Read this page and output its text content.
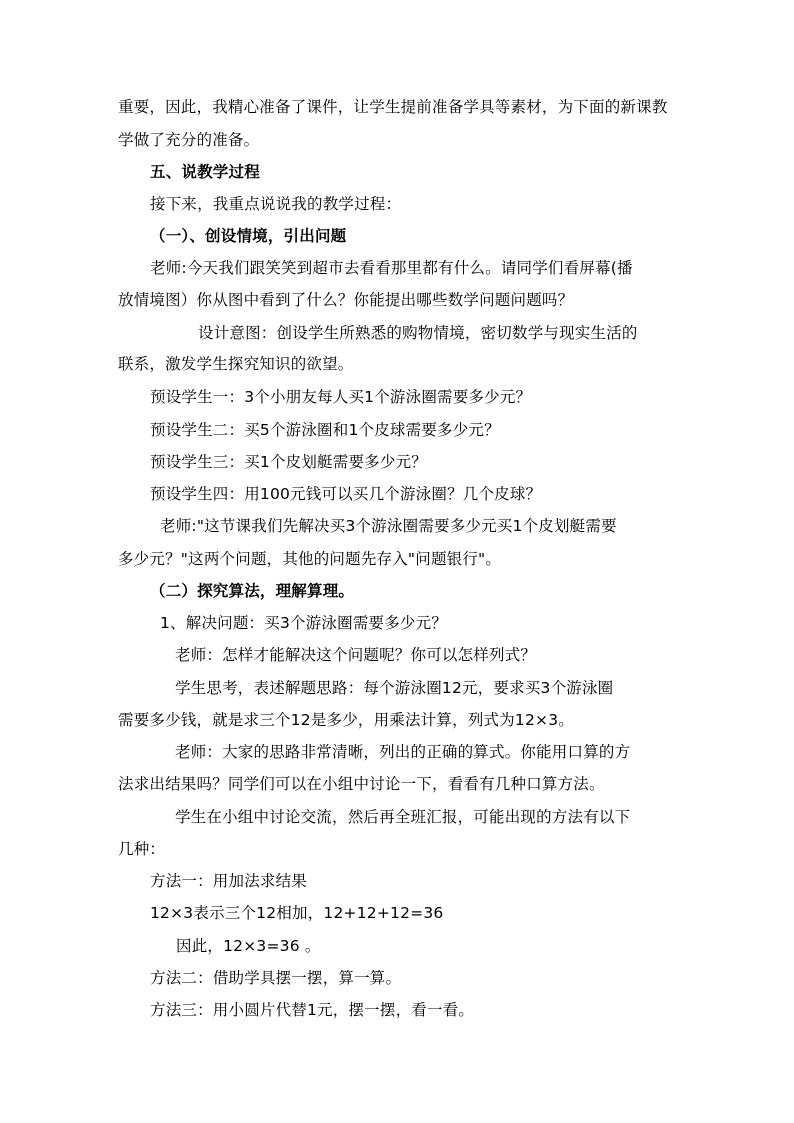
重要，因此，我精心准备了课件，让学生提前准备学具等素材，为下面的新课教
学做了充分的准备。
五、说教学过程
接下来，我重点说说我的教学过程：
（一）、创设情境，引出问题
老师:今天我们跟笑笑到超市去看看那里都有什么。请同学们看屏幕(播
放情境图）你从图中看到了什么？你能提出哪些数学问题问题吗？
设计意图：创设学生所熟悉的购物情境，密切数学与现实生活的
联系，激发学生探究知识的欲望。
预设学生一：3个小朋友每人买1个游泳圈需要多少元？
预设学生二：买5个游泳圈和1个皮球需要多少元？
预设学生三：买1个皮划艇需要多少元？
预设学生四：用100元钱可以买几个游泳圈？几个皮球？
老师:"这节课我们先解决买3个游泳圈需要多少元买1个皮划艇需要
多少元？"这两个问题，其他的问题先存入"问题银行"。
（二）探究算法，理解算理。
1、解决问题：买3个游泳圈需要多少元？
老师：怎样才能解决这个问题呢？你可以怎样列式？
学生思考，表述解题思路：每个游泳圈12元，要求买3个游泳圈
需要多少钱，就是求三个12是多少，用乘法计算，列式为12×3。
老师：大家的思路非常清晰，列出的正确的算式。你能用口算的方
法求出结果吗？同学们可以在小组中讨论一下，看看有几种口算方法。
学生在小组中讨论交流，然后再全班汇报，可能出现的方法有以下
几种：
方法一：用加法求结果
12×3表示三个12相加，12+12+12=36
因此，12×3=36 。
方法二：借助学具摆一摆，算一算。
方法三：用小圆片代替1元，摆一摆，看一看。
